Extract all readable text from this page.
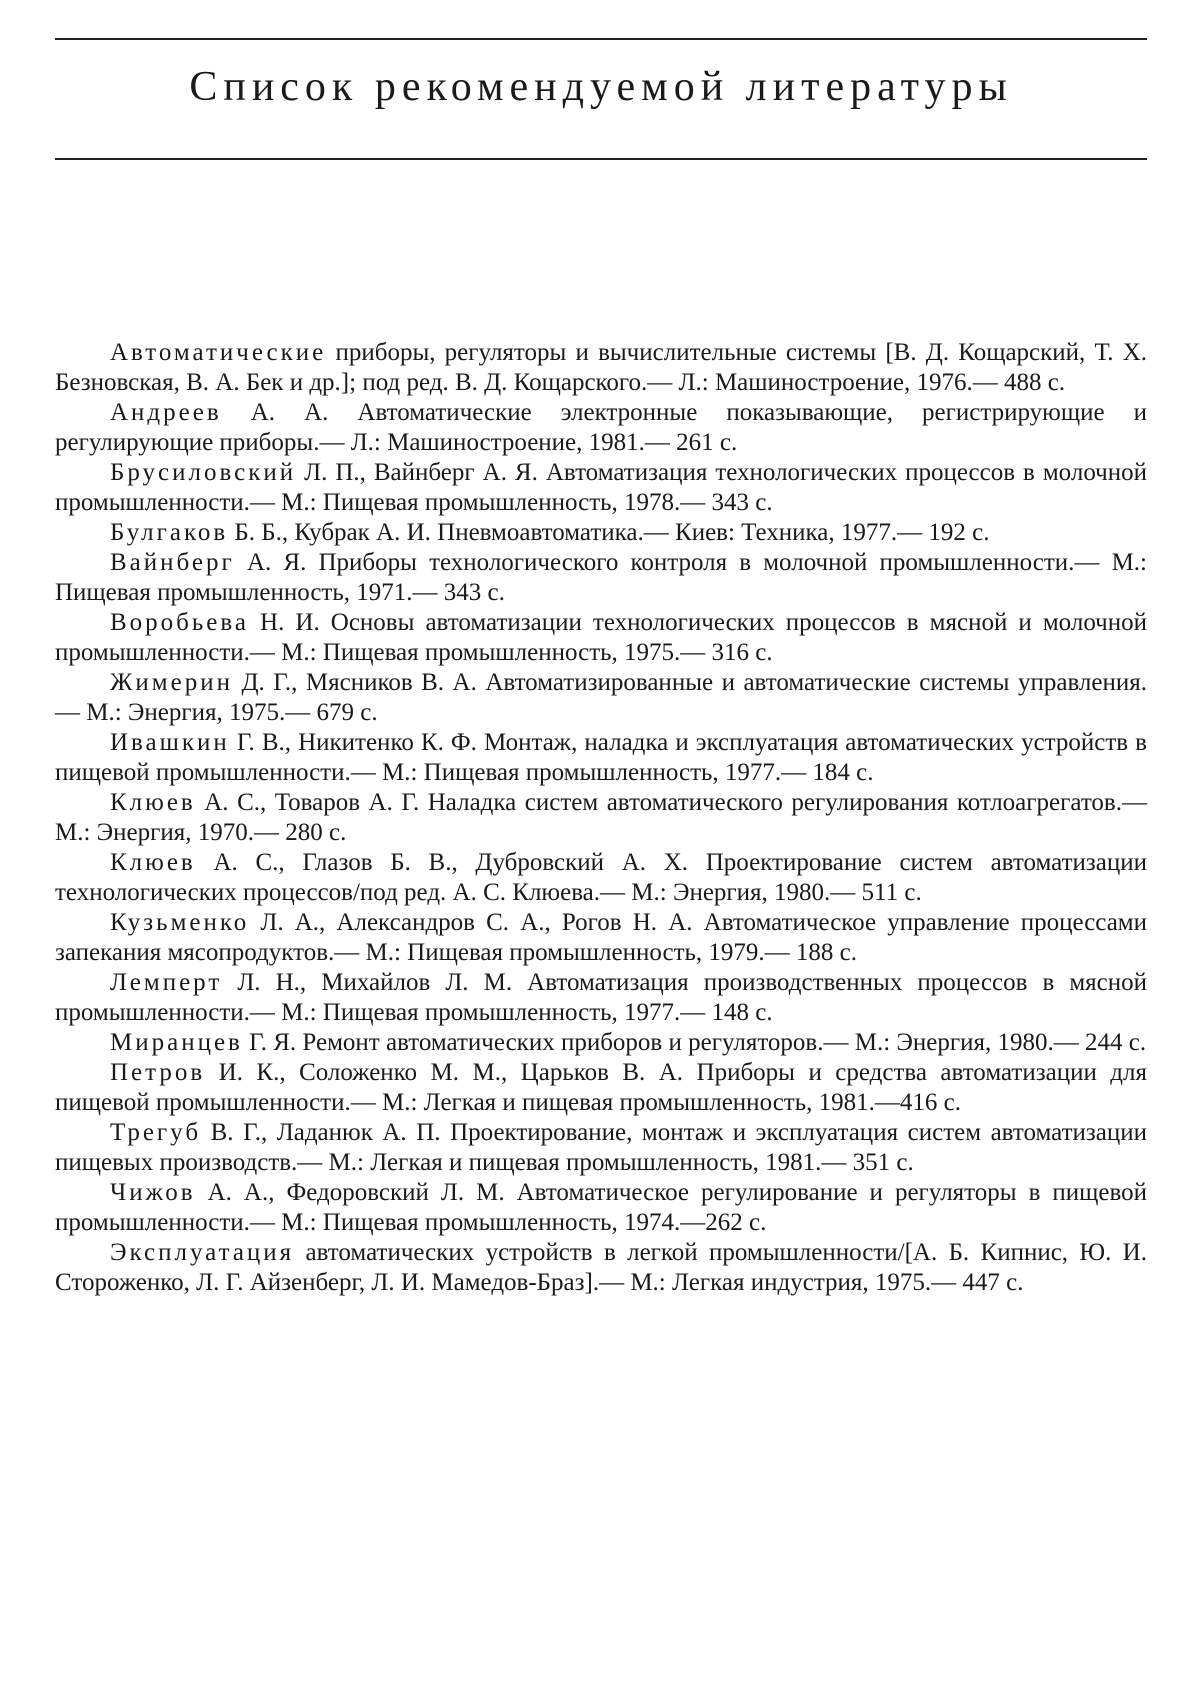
Список рекомендуемой литературы

Автоматические приборы, регуляторы и вычислительные системы [В. Д. Кощарский, Т. Х. Безновская, В. А. Бек и др.]; под ред. В. Д. Кощарского.— Л.: Машиностроение, 1976.— 488 с.

Андреев А. А. Автоматические электронные показывающие, регистрирующие и регулирующие приборы.— Л.: Машиностроение, 1981.— 261 с.

Брусиловский Л. П., Вайнберг А. Я. Автоматизация технологических процессов в молочной промышленности.— М.: Пищевая промышленность, 1978.— 343 с.

Булгаков Б. Б., Кубрак А. И. Пневмоавтоматика.— Киев: Техника, 1977.— 192 с.

Вайнберг А. Я. Приборы технологического контроля в молочной промышленности.— М.: Пищевая промышленность, 1971.— 343 с.

Воробьева Н. И. Основы автоматизации технологических процессов в мясной и молочной промышленности.— М.: Пищевая промышленность, 1975.— 316 с.

Жимерин Д. Г., Мясников В. А. Автоматизированные и автоматические системы управления.— М.: Энергия, 1975.— 679 с.

Ивашкин Г. В., Никитенко К. Ф. Монтаж, наладка и эксплуатация автоматических устройств в пищевой промышленности.— М.: Пищевая промышленность, 1977.— 184 с.

Клюев А. С., Товаров А. Г. Наладка систем автоматического регулирования котлоагрегатов.— М.: Энергия, 1970.— 280 с.

Клюев А. С., Глазов Б. В., Дубровский А. Х. Проектирование систем автоматизации технологических процессов/под ред. А. С. Клюева.— М.: Энергия, 1980.— 511 с.

Кузьменко Л. А., Александров С. А., Рогов Н. А. Автоматическое управление процессами запекания мясопродуктов.— М.: Пищевая промышленность, 1979.— 188 с.

Лемперт Л. Н., Михайлов Л. М. Автоматизация производственных процессов в мясной промышленности.— М.: Пищевая промышленность, 1977.— 148 с.

Миранцев Г. Я. Ремонт автоматических приборов и регуляторов.— М.: Энергия, 1980.— 244 с.

Петров И. К., Соложенко М. М., Царьков В. А. Приборы и средства автоматизации для пищевой промышленности.— М.: Легкая и пищевая промышленность, 1981.—416 с.

Трегуб В. Г., Ладанюк А. П. Проектирование, монтаж и эксплуатация систем автоматизации пищевых производств.— М.: Легкая и пищевая промышленность, 1981.— 351 с.

Чижов А. А., Федоровский Л. М. Автоматическое регулирование и регуляторы в пищевой промышленности.— М.: Пищевая промышленность, 1974.—262 с.

Эксплуатация автоматических устройств в легкой промышленности/[А. Б. Кипнис, Ю. И. Стороженко, Л. Г. Айзенберг, Л. И. Мамедов-Браз].— М.: Легкая индустрия, 1975.— 447 с.
